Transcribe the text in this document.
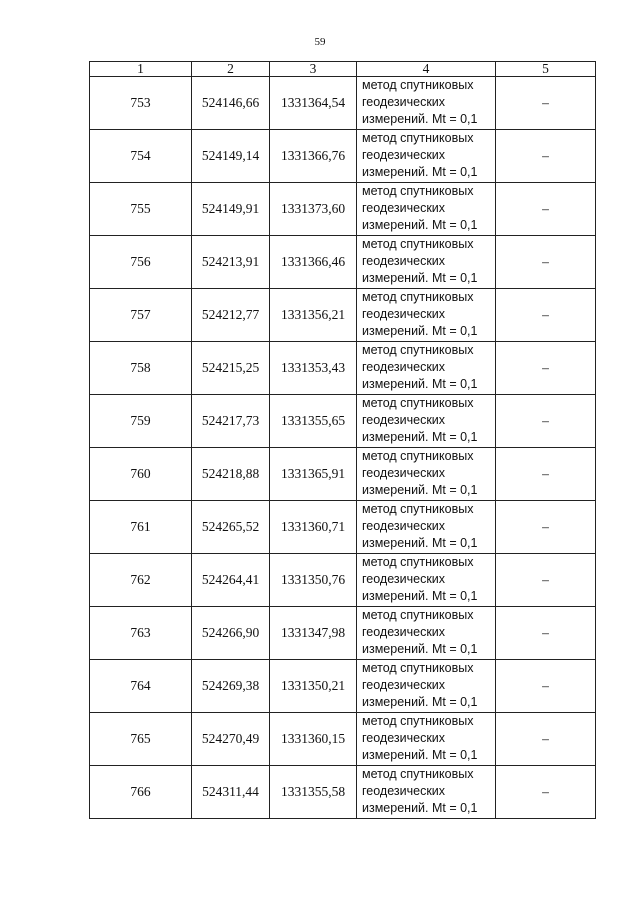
59
1	2	3	4	5
753	524146,66	1331364,54	метод спутниковых
геодезических
измерений. Mt = 0,1	–
754	524149,14	1331366,76	метод спутниковых
геодезических
измерений. Mt = 0,1	–
755	524149,91	1331373,60	метод спутниковых
геодезических
измерений. Mt = 0,1	–
756	524213,91	1331366,46	метод спутниковых
геодезических
измерений. Mt = 0,1	–
757	524212,77	1331356,21	метод спутниковых
геодезических
измерений. Mt = 0,1	–
758	524215,25	1331353,43	метод спутниковых
геодезических
измерений. Mt = 0,1	–
759	524217,73	1331355,65	метод спутниковых
геодезических
измерений. Mt = 0,1	–
760	524218,88	1331365,91	метод спутниковых
геодезических
измерений. Mt = 0,1	–
761	524265,52	1331360,71	метод спутниковых
геодезических
измерений. Mt = 0,1	–
762	524264,41	1331350,76	метод спутниковых
геодезических
измерений. Mt = 0,1	–
763	524266,90	1331347,98	метод спутниковых
геодезических
измерений. Mt = 0,1	–
764	524269,38	1331350,21	метод спутниковых
геодезических
измерений. Mt = 0,1	–
765	524270,49	1331360,15	метод спутниковых
геодезических
измерений. Mt = 0,1	–
766	524311,44	1331355,58	метод спутниковых
геодезических
измерений. Mt = 0,1	–
